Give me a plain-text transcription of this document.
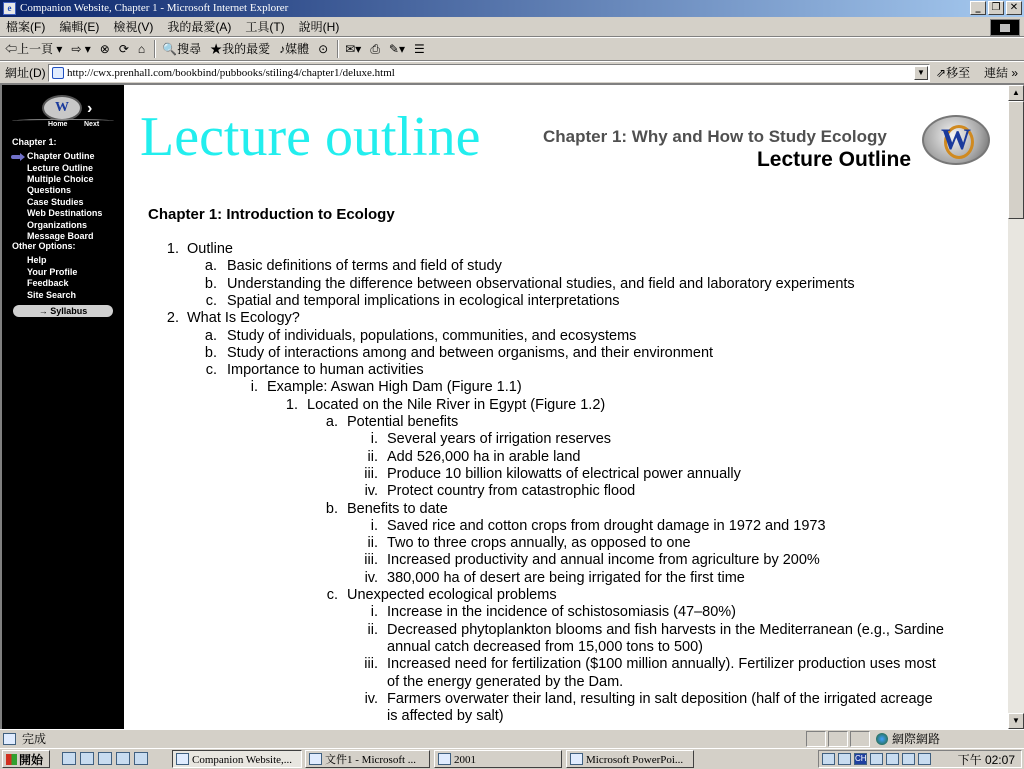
e Companion Website, Chapter 1 - Microsoft Internet Explorer	_	❐ ✕
檔案(F) 編輯(E) 檢視(V) 我的最愛(A) 工具(T) 說明(H)
⇦上一頁 ▾ ⇨ ▾ ⊗ ⟳ ⌂ 🔍搜尋 ★我的最愛 ♪媒體 ⊙ ✉▾ ⎙ ✎▾ ☰
網址(D)	http://cwx.prenhall.com/bookbind/pubbooks/stiling4/chapter1/deluxe.html	▼ ⇗移至 連結 »
W
›
Home Next
Chapter 1:
Chapter Outline
Lecture Outline
Multiple Choice
Questions
Case Studies
Web Destinations
Organizations
Message Board
Other Options:
Help
Your Profile
Feedback
Site Search
→ Syllabus
Lecture outline	Chapter 1: Why and How to Study Ecology
Lecture Outline
W
Chapter 1: Introduction to Ecology
1. Outline
a. Basic definitions of terms and field of study
b. Understanding the difference between observational studies, and field and laboratory experiments
c. Spatial and temporal implications in ecological interpretations
2. What Is Ecology?
a. Study of individuals, populations, communities, and ecosystems
b. Study of interactions among and between organisms, and their environment
c. Importance to human activities
i. Example: Aswan High Dam (Figure 1.1)
1. Located on the Nile River in Egypt (Figure 1.2)
a. Potential benefits
i. Several years of irrigation reserves
ii. Add 526,000 ha in arable land
iii. Produce 10 billion kilowatts of electrical power annually
iv. Protect country from catastrophic flood
b. Benefits to date
i. Saved rice and cotton crops from drought damage in 1972 and 1973
ii. Two to three crops annually, as opposed to one
iii. Increased productivity and annual income from agriculture by 200%
iv. 380,000 ha of desert are being irrigated for the first time
c. Unexpected ecological problems
i. Increase in the incidence of schistosomiasis (47–80%)
ii. Decreased phytoplankton blooms and fish harvests in the Mediterranean (e.g., Sardine
annual catch decreased from 15,000 tons to 500)
iii. Increased need for fertilization ($100 million annually). Fertilizer production uses most
of the energy generated by the Dam.
iv. Farmers overwater their land, resulting in salt deposition (half of the irrigated acreage
is affected by salt)
▲
▼
完成	網際網路
開始	Companion Website,...	文件1 - Microsoft ...	2001	Microsoft PowerPoi...	CH	下午 02:07
